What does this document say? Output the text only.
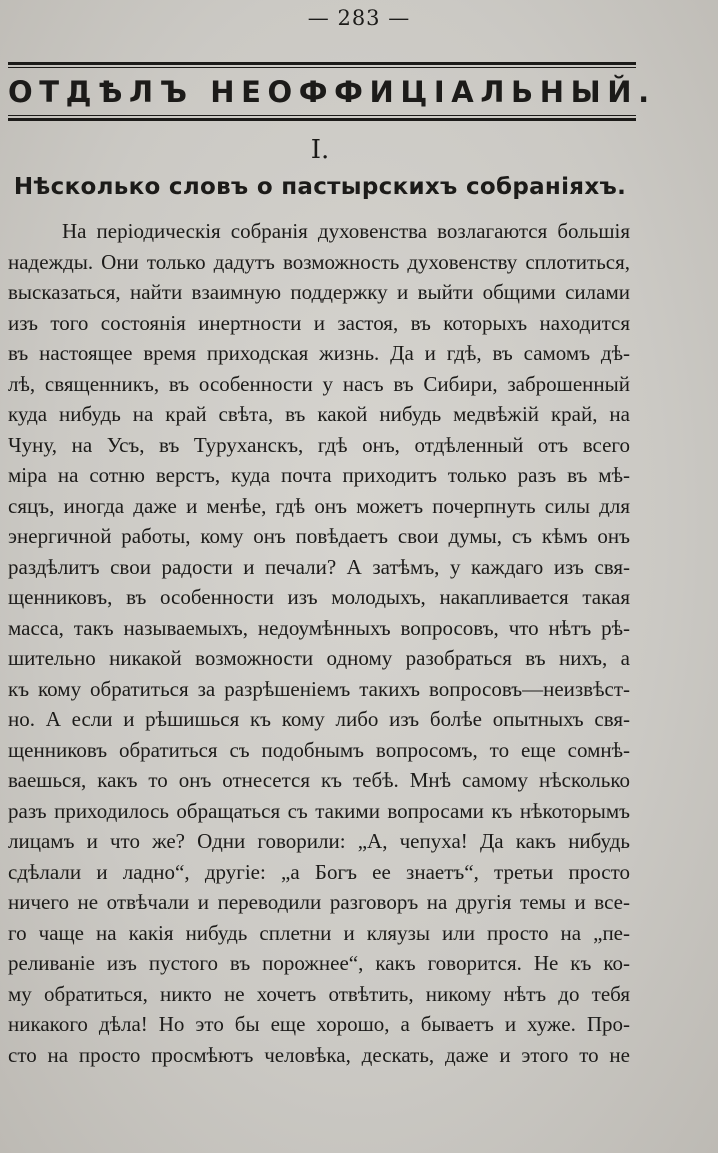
— 283 —
ОТДѢЛЪ НЕОФФИЦІАЛЬНЫЙ.
I.
Нѣсколько словъ о пастырскихъ собраніяхъ.
На періодическія собранія духовенства возлагаются большія
надежды. Они только дадутъ возможность духовенству сплотиться,
высказаться, найти взаимную поддержку и выйти общими силами
изъ того состоянія инертности и застоя, въ которыхъ находится
въ настоящее время приходская жизнь. Да и гдѣ, въ самомъ дѣ-
лѣ, священникъ, въ особенности у насъ въ Сибири, заброшенный
куда нибудь на край свѣта, въ какой нибудь медвѣжій край, на
Чуну, на Усъ, въ Туруханскъ, гдѣ онъ, отдѣленный отъ всего
міра на сотню верстъ, куда почта приходитъ только разъ въ мѣ-
сяцъ, иногда даже и менѣе, гдѣ онъ можетъ почерпнуть силы для
энергичной работы, кому онъ повѣдаетъ свои думы, съ кѣмъ онъ
раздѣлитъ свои радости и печали? А затѣмъ, у каждаго изъ свя-
щенниковъ, въ особенности изъ молодыхъ, накапливается такая
масса, такъ называемыхъ, недоумѣнныхъ вопросовъ, что нѣтъ рѣ-
шительно никакой возможности одному разобраться въ нихъ, а
къ кому обратиться за разрѣшеніемъ такихъ вопросовъ—неизвѣст-
но. А если и рѣшишься къ кому либо изъ болѣе опытныхъ свя-
щенниковъ обратиться съ подобнымъ вопросомъ, то еще сомнѣ-
ваешься, какъ то онъ отнесется къ тебѣ. Мнѣ самому нѣсколько
разъ приходилось обращаться съ такими вопросами къ нѣкоторымъ
лицамъ и что же? Одни говорили: „А, чепуха! Да какъ нибудь
сдѣлали и ладно“, другіе: „а Богъ ее знаетъ“, третьи просто
ничего не отвѣчали и переводили разговоръ на другія темы и все-
го чаще на какія нибудь сплетни и кляузы или просто на „пе-
реливаніе изъ пустого въ порожнее“, какъ говорится. Не къ ко-
му обратиться, никто не хочетъ отвѣтить, никому нѣтъ до тебя
никакого дѣла! Но это бы еще хорошо, а бываетъ и хуже. Про-
сто на просто просмѣютъ человѣка, дескать, даже и этого то не
